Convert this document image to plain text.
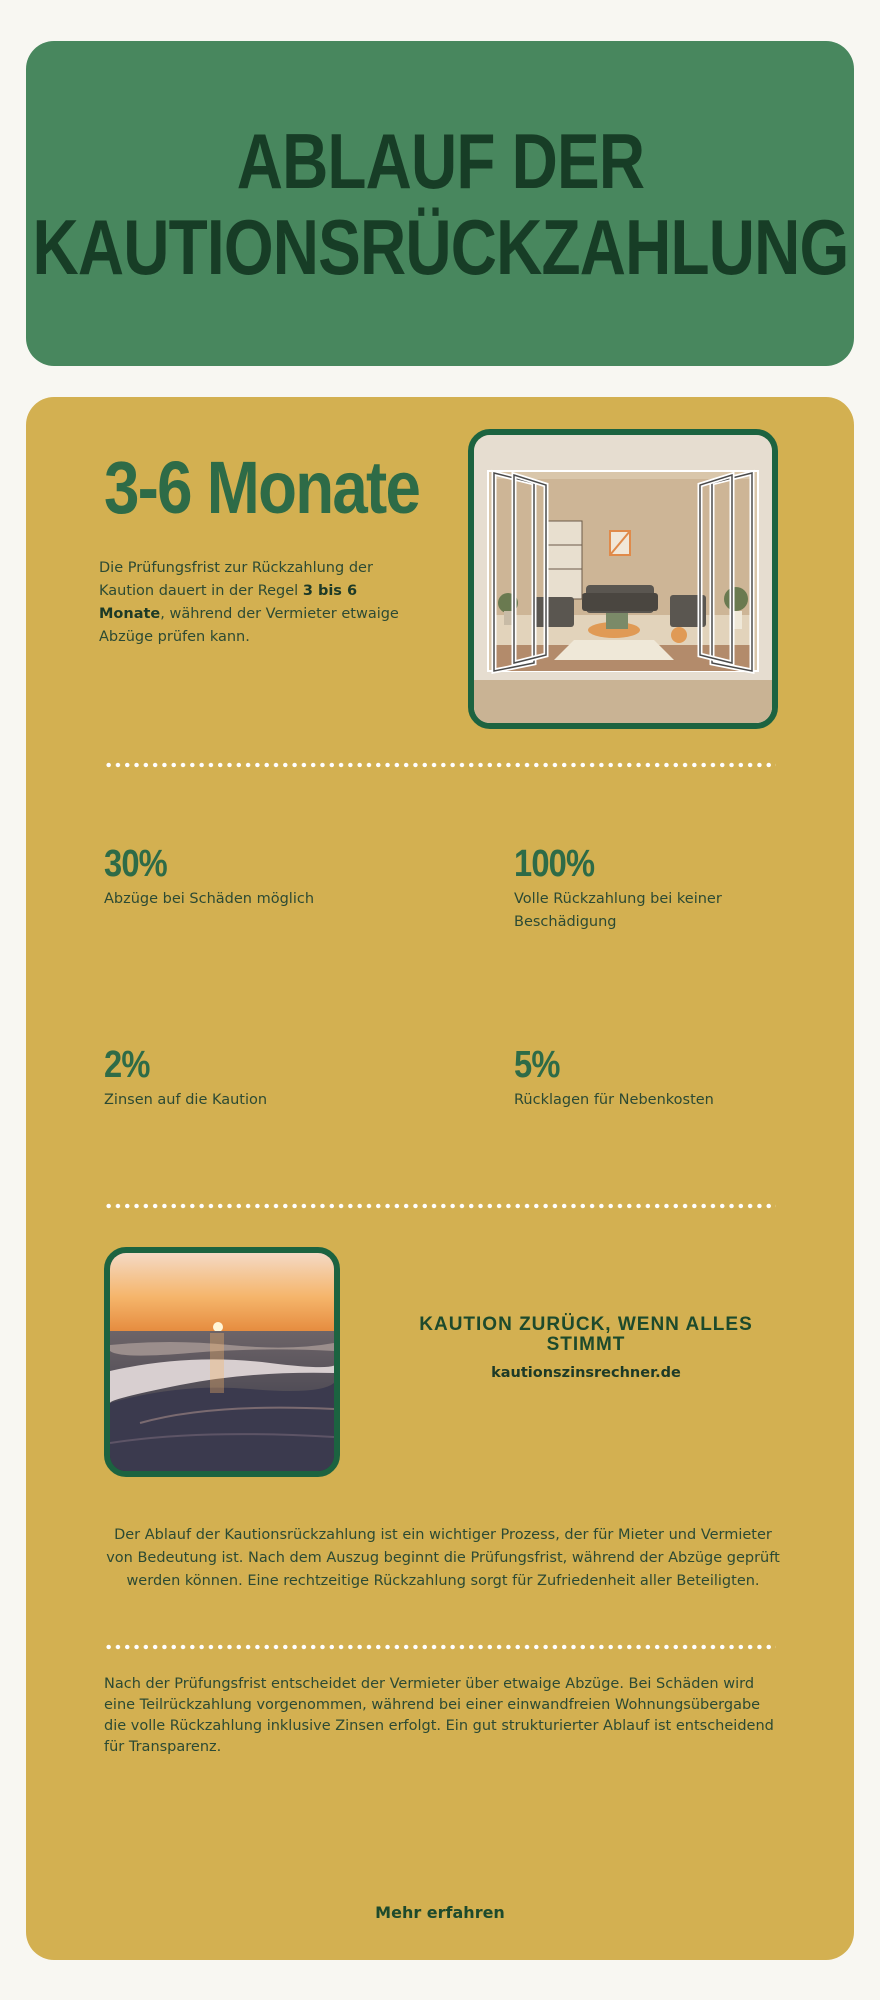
ABLAUF DER KAUTIONSRÜCKZAHLUNG
3-6 Monate

Die Prüfungsfrist zur Rückzahlung der Kaution dauert in der Regel 3 bis 6 Monate, während der Vermieter etwaige Abzüge prüfen kann.

30%
Abzüge bei Schäden möglich
100%
Volle Rückzahlung bei keiner Beschädigung
2%
Zinsen auf die Kaution
5%
Rücklagen für Nebenkosten
KAUTION ZURÜCK, WENN ALLES STIMMT
kautionszinsrechner.de

Der Ablauf der Kautionsrückzahlung ist ein wichtiger Prozess, der für Mieter und Vermieter von Bedeutung ist. Nach dem Auszug beginnt die Prüfungsfrist, während der Abzüge geprüft werden können. Eine rechtzeitige Rückzahlung sorgt für Zufriedenheit aller Beteiligten.

Nach der Prüfungsfrist entscheidet der Vermieter über etwaige Abzüge. Bei Schäden wird eine Teilrückzahlung vorgenommen, während bei einer einwandfreien Wohnungsübergabe die volle Rückzahlung inklusive Zinsen erfolgt. Ein gut strukturierter Ablauf ist entscheidend für Transparenz.

Mehr erfahren
